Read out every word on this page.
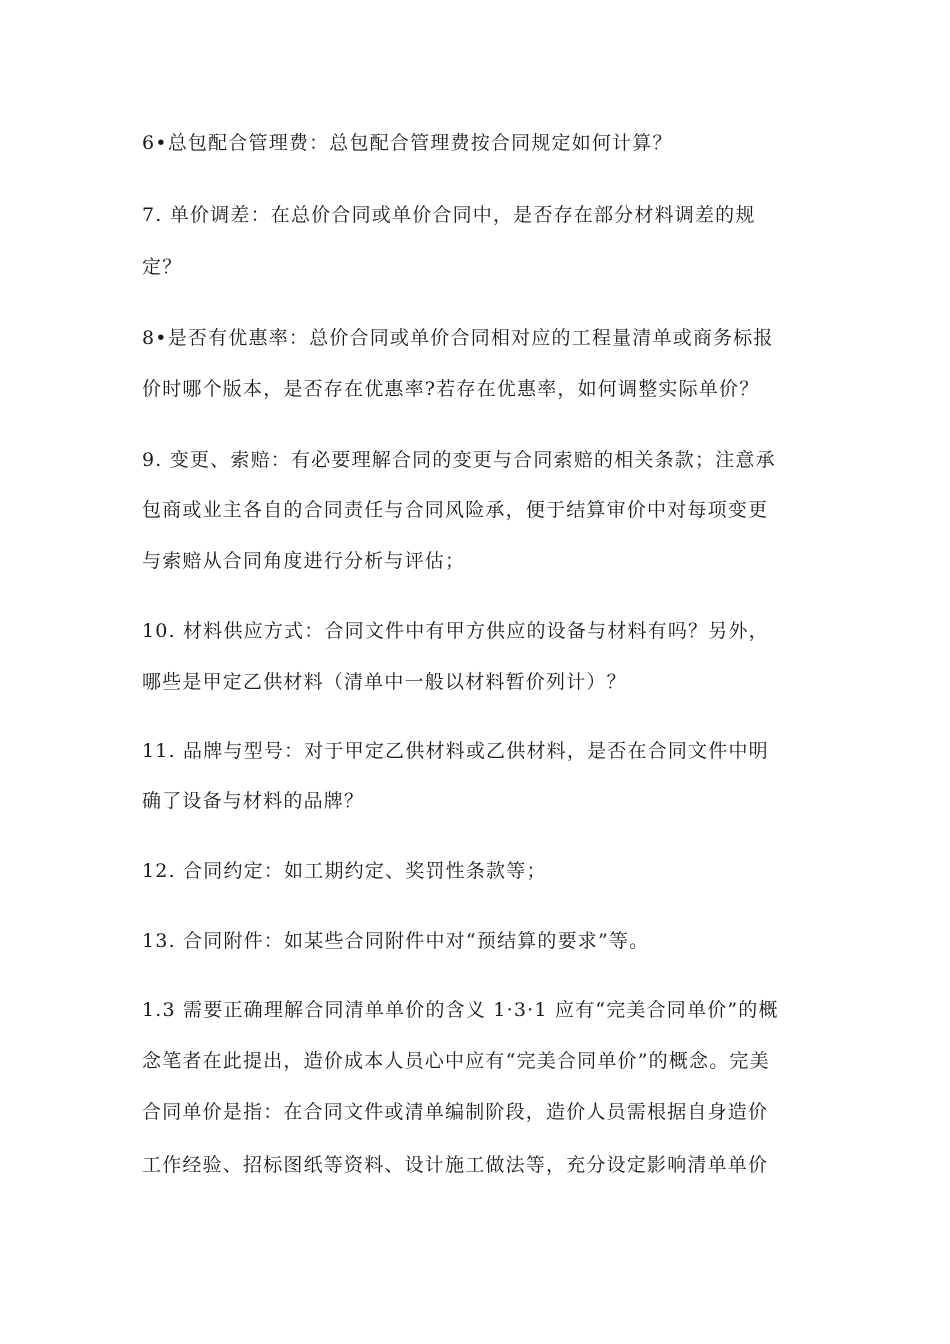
6•总包配合管理费：总包配合管理费按合同规定如何计算？
7. 单价调差：在总价合同或单价合同中，是否存在部分材料调差的规
定？
8•是否有优惠率：总价合同或单价合同相对应的工程量清单或商务标报
价时哪个版本，是否存在优惠率?若存在优惠率，如何调整实际单价？
9. 变更、索赔：有必要理解合同的变更与合同索赔的相关条款；注意承
包商或业主各自的合同责任与合同风险承，便于结算审价中对每项变更
与索赔从合同角度进行分析与评估；
10. 材料供应方式：合同文件中有甲方供应的设备与材料有吗？另外，
哪些是甲定乙供材料（清单中一般以材料暂价列计）？
11. 品牌与型号：对于甲定乙供材料或乙供材料，是否在合同文件中明
确了设备与材料的品牌？
12. 合同约定：如工期约定、奖罚性条款等；
13. 合同附件：如某些合同附件中对“预结算的要求”等。
1.3 需要正确理解合同清单单价的含义 1·3·1 应有“完美合同单价”的概
念笔者在此提出，造价成本人员心中应有“完美合同单价”的概念。完美
合同单价是指：在合同文件或清单编制阶段，造价人员需根据自身造价
工作经验、招标图纸等资料、设计施工做法等，充分设定影响清单单价
